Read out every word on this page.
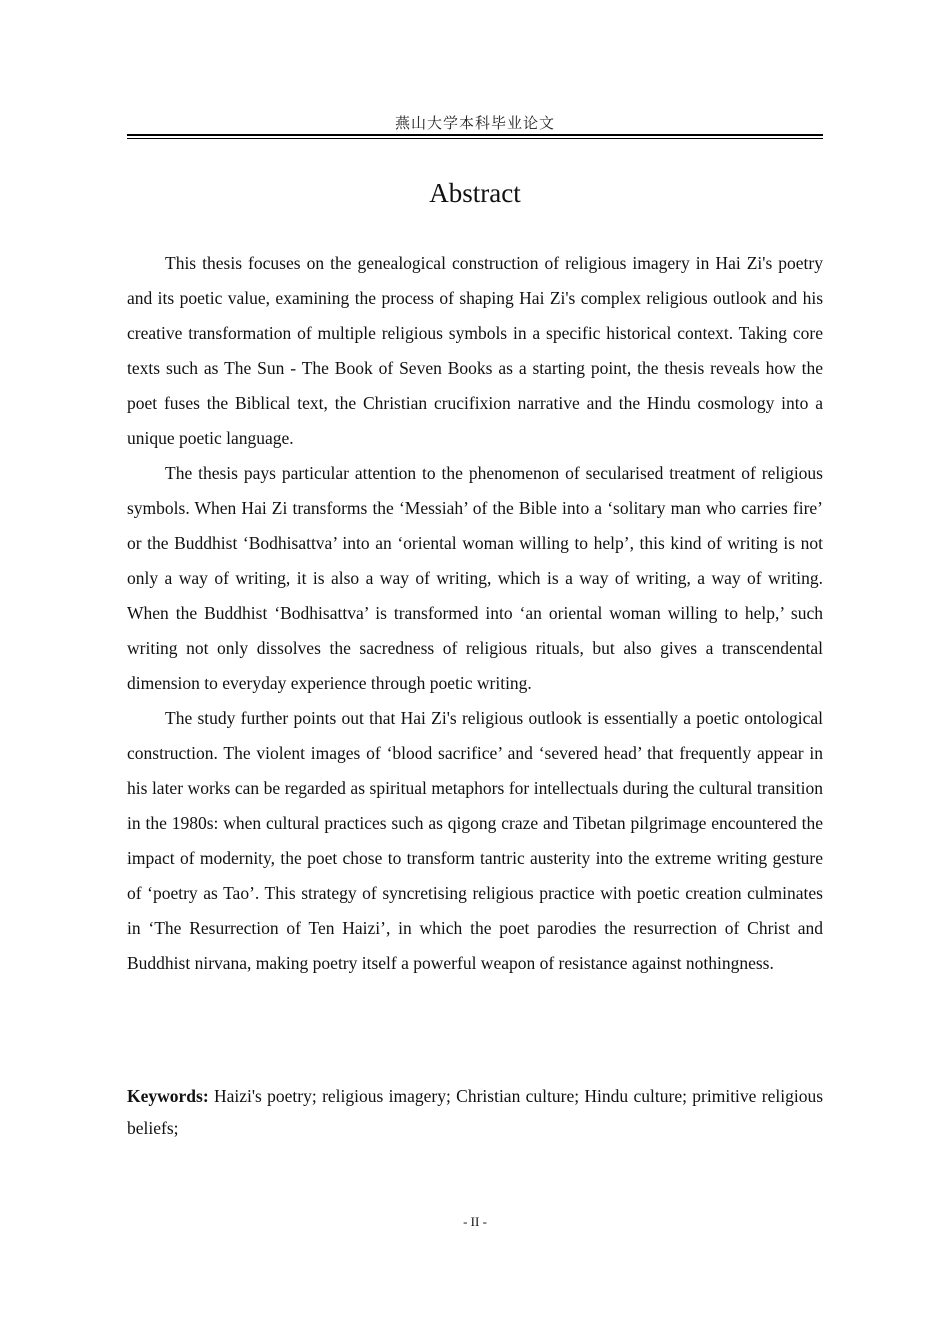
燕山大学本科毕业论文
Abstract

This thesis focuses on the genealogical construction of religious imagery in Hai Zi's poetry and its poetic value, examining the process of shaping Hai Zi's complex religious outlook and his creative transformation of multiple religious symbols in a specific historical context. Taking core texts such as The Sun - The Book of Seven Books as a starting point, the thesis reveals how the poet fuses the Biblical text, the Christian crucifixion narrative and the Hindu cosmology into a unique poetic language.

The thesis pays particular attention to the phenomenon of secularised treatment of religious symbols. When Hai Zi transforms the ‘Messiah’ of the Bible into a ‘solitary man who carries fire’ or the Buddhist ‘Bodhisattva’ into an ‘oriental woman willing to help’, this kind of writing is not only a way of writing, it is also a way of writing, which is a way of writing, a way of writing. When the Buddhist ‘Bodhisattva’ is transformed into ‘an oriental woman willing to help,’ such writing not only dissolves the sacredness of religious rituals, but also gives a transcendental dimension to everyday experience through poetic writing.

The study further points out that Hai Zi's religious outlook is essentially a poetic ontological construction. The violent images of ‘blood sacrifice’ and ‘severed head’ that frequently appear in his later works can be regarded as spiritual metaphors for intellectuals during the cultural transition in the 1980s: when cultural practices such as qigong craze and Tibetan pilgrimage encountered the impact of modernity, the poet chose to transform tantric austerity into the extreme writing gesture of ‘poetry as Tao’. This strategy of syncretising religious practice with poetic creation culminates in ‘The Resurrection of Ten Haizi’, in which the poet parodies the resurrection of Christ and Buddhist nirvana, making poetry itself a powerful weapon of resistance against nothingness.

Keywords: Haizi's poetry; religious imagery; Christian culture; Hindu culture; primitive religious beliefs;

- II -
